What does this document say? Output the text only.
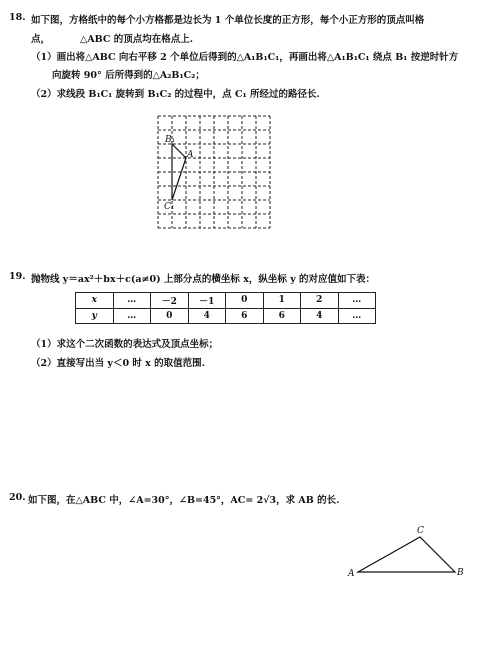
18. 如下图，方格纸中的每个小方格都是边长为 1 个单位长度的正方形，每个小正方形的顶点叫格
点，	△ABC 的顶点均在格点上.
（1）画出将△ABC 向右平移 2 个单位后得到的△A₁B₁C₁，再画出将△A₁B₁C₁ 绕点 B₁ 按逆时针方
向旋转 90° 后所得到的△A₂B₁C₂；
（2）求线段 B₁C₁ 旋转到 B₁C₂ 的过程中，点 C₁ 所经过的路径长.
B₁
A
C₁
19. 抛物线 y＝ax²＋bx＋c(a≠0) 上部分点的横坐标 x，纵坐标 y 的对应值如下表：
x	…	－2	－1	0	1	2	…
y	…	0	4	6	6	4	…
（1）求这个二次函数的表达式及顶点坐标；
（2）直接写出当 y＜0 时 x 的取值范围.
20. 如下图，在△ABC 中，∠A=30°，∠B=45°，AC= 2√3，求 AB 的长.
A	B
C
